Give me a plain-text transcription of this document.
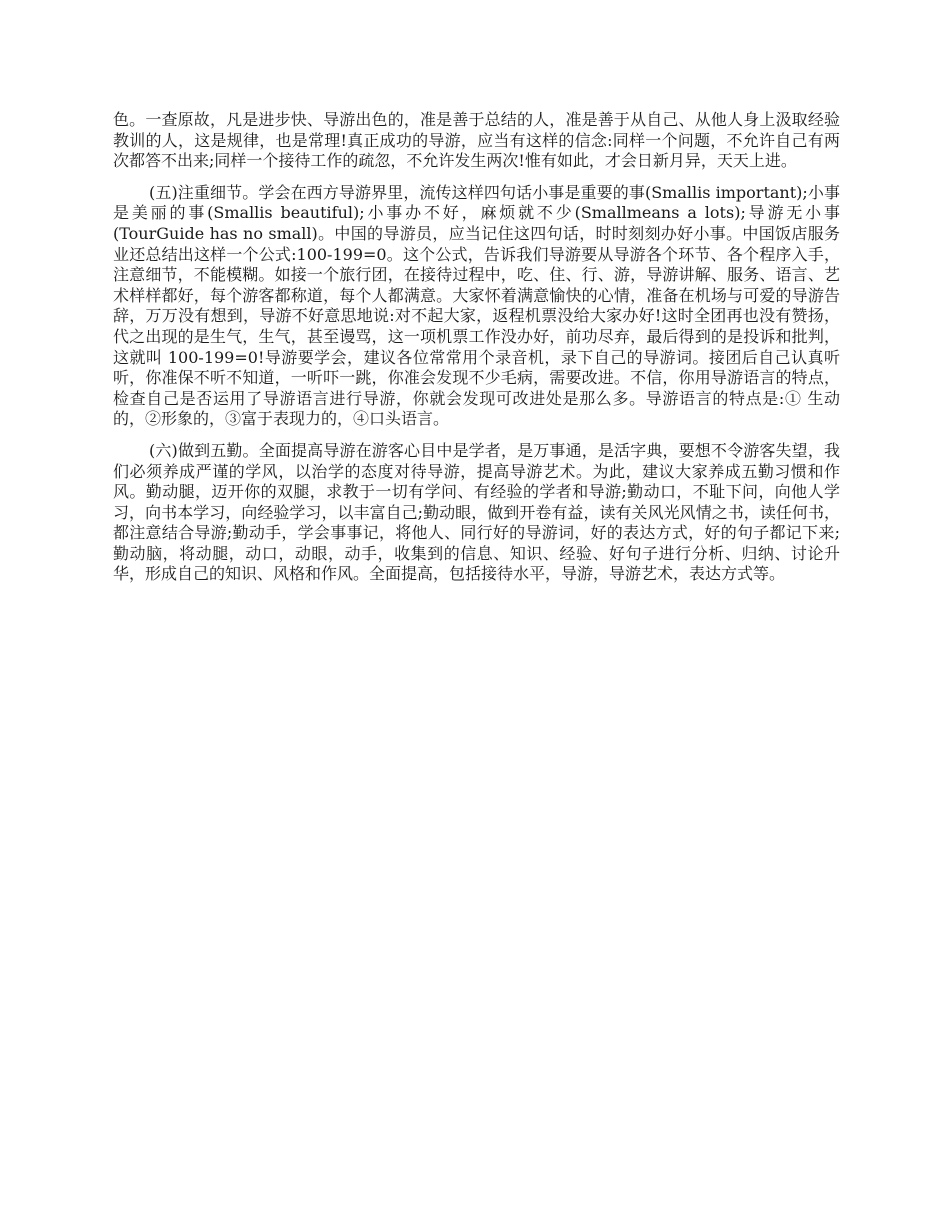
色。一查原故，凡是进步快、导游出色的，准是善于总结的人，准是善于从自己、从他人身上汲取经验教训的人，这是规律，也是常理!真正成功的导游，应当有这样的信念:同样一个问题，不允许自己有两次都答不出来;同样一个接待工作的疏忽，不允许发生两次!惟有如此，才会日新月异，天天上进。

(五)注重细节。学会在西方导游界里，流传这样四句话小事是重要的事(Smallis important);小事是美丽的事(Smallis beautiful);小事办不好，麻烦就不少(Smallmeans a lots);导游无小事(TourGuide has no small)。中国的导游员，应当记住这四句话，时时刻刻办好小事。中国饭店服务业还总结出这样一个公式:100-199=0。这个公式，告诉我们导游要从导游各个环节、各个程序入手，注意细节，不能模糊。如接一个旅行团，在接待过程中，吃、住、行、游，导游讲解、服务、语言、艺术样样都好，每个游客都称道，每个人都满意。大家怀着满意愉快的心情，准备在机场与可爱的导游告辞，万万没有想到，导游不好意思地说:对不起大家，返程机票没给大家办好!这时全团再也没有赞扬，代之出现的是生气，生气，甚至谩骂，这一项机票工作没办好，前功尽弃，最后得到的是投诉和批判，这就叫 100-199=0!导游要学会，建议各位常常用个录音机，录下自己的导游词。接团后自己认真听听，你准保不听不知道，一听吓一跳，你准会发现不少毛病，需要改进。不信，你用导游语言的特点，检查自己是否运用了导游语言进行导游，你就会发现可改进处是那么多。导游语言的特点是:① 生动的，②形象的，③富于表现力的，④口头语言。

(六)做到五勤。全面提高导游在游客心目中是学者，是万事通，是活字典，要想不令游客失望，我们必须养成严谨的学风，以治学的态度对待导游，提高导游艺术。为此，建议大家养成五勤习惯和作风。勤动腿，迈开你的双腿，求教于一切有学问、有经验的学者和导游;勤动口，不耻下问，向他人学习，向书本学习，向经验学习，以丰富自己;勤动眼，做到开卷有益，读有关风光风情之书，读任何书，都注意结合导游;勤动手，学会事事记，将他人、同行好的导游词，好的表达方式，好的句子都记下来;勤动脑，将动腿，动口，动眼，动手，收集到的信息、知识、经验、好句子进行分析、归纳、讨论升华，形成自己的知识、风格和作风。全面提高，包括接待水平，导游，导游艺术，表达方式等。
